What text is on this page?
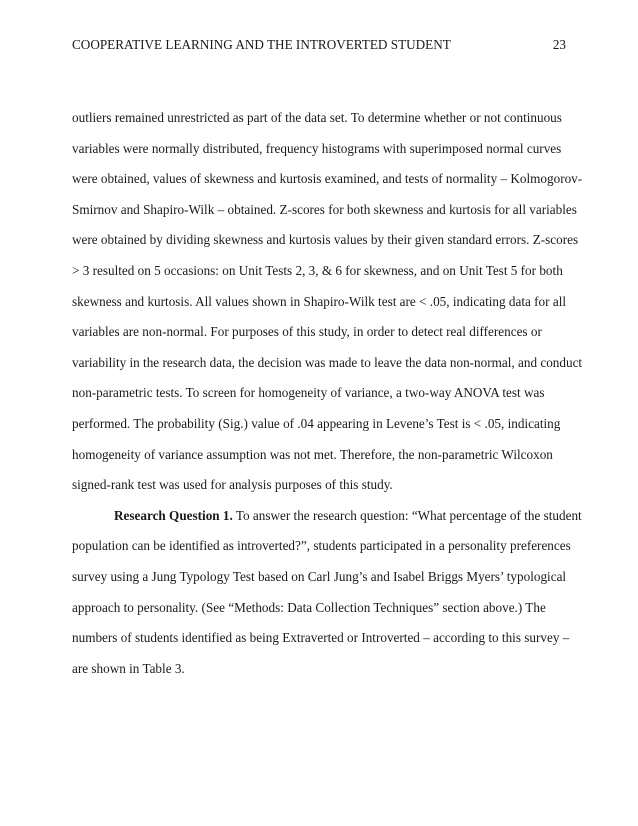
COOPERATIVE LEARNING AND THE INTROVERTED STUDENT	23
outliers remained unrestricted as part of the data set. To determine whether or not continuous
variables were normally distributed, frequency histograms with superimposed normal curves
were obtained, values of skewness and kurtosis examined, and tests of normality – Kolmogorov-
Smirnov and Shapiro-Wilk – obtained. Z-scores for both skewness and kurtosis for all variables
were obtained by dividing skewness and kurtosis values by their given standard errors. Z-scores
> 3 resulted on 5 occasions: on Unit Tests 2, 3, & 6 for skewness, and on Unit Test 5 for both
skewness and kurtosis. All values shown in Shapiro-Wilk test are < .05, indicating data for all
variables are non-normal. For purposes of this study, in order to detect real differences or
variability in the research data, the decision was made to leave the data non-normal, and conduct
non-parametric tests. To screen for homogeneity of variance, a two-way ANOVA test was
performed. The probability (Sig.) value of .04 appearing in Levene’s Test is < .05, indicating
homogeneity of variance assumption was not met. Therefore, the non-parametric Wilcoxon
signed-rank test was used for analysis purposes of this study.
Research Question 1. To answer the research question: “What percentage of the student
population can be identified as introverted?”, students participated in a personality preferences
survey using a Jung Typology Test based on Carl Jung’s and Isabel Briggs Myers’ typological
approach to personality. (See “Methods: Data Collection Techniques” section above.) The
numbers of students identified as being Extraverted or Introverted – according to this survey –
are shown in Table 3.
